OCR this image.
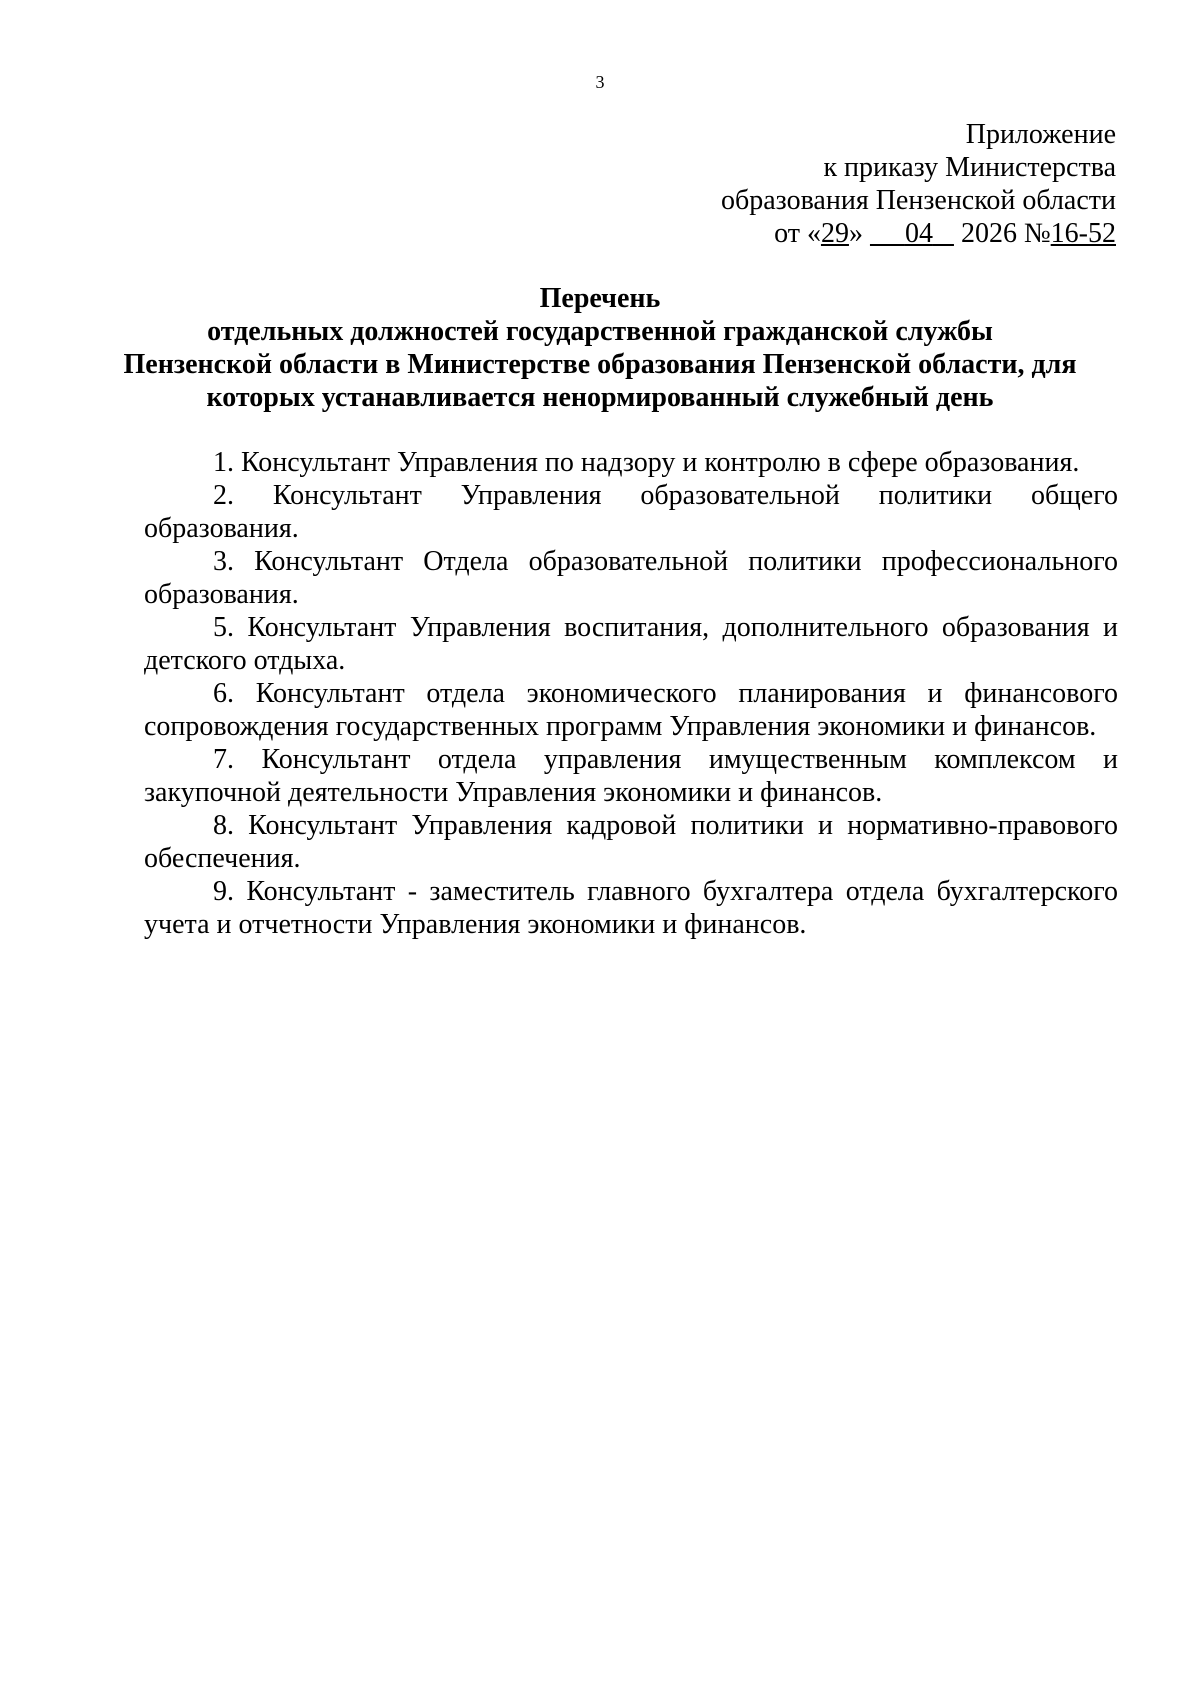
3
Приложение
к приказу Министерства
образования Пензенской области
от «29» 04 2026 №16-52
Перечень
отдельных должностей государственной гражданской службы
Пензенской области в Министерстве образования Пензенской области, для
которых устанавливается ненормированный служебный день

1. Консультант Управления по надзору и контролю в сфере образования.

2. Консультант Управления образовательной политики общего образования.

3. Консультант Отдела образовательной политики профессионального образования.

5. Консультант Управления воспитания, дополнительного образования и детского отдыха.

6. Консультант отдела экономического планирования и финансового сопровождения государственных программ Управления экономики и финансов.

7. Консультант отдела управления имущественным комплексом и закупочной деятельности Управления экономики и финансов.

8. Консультант Управления кадровой политики и нормативно-правового обеспечения.

9. Консультант - заместитель главного бухгалтера отдела бухгалтерского учета и отчетности Управления экономики и финансов.
